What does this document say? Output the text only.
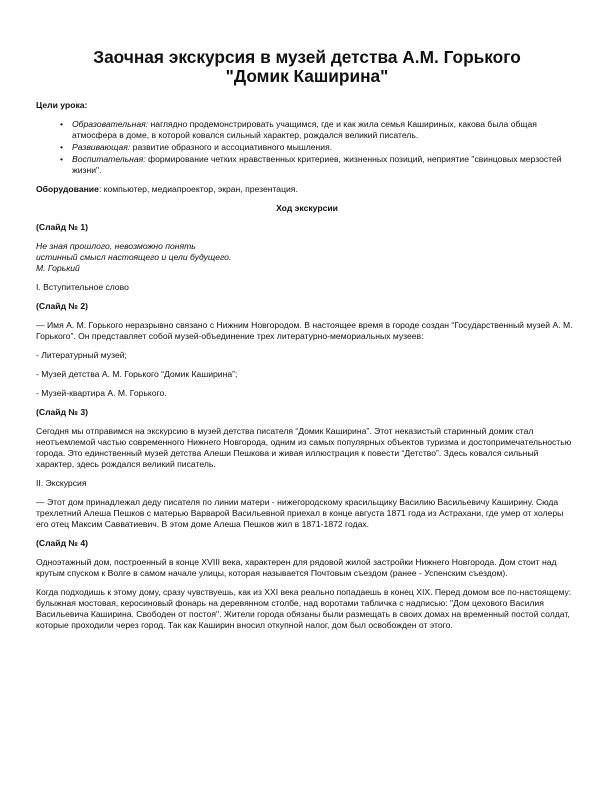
Заочная экскурсия в музей детства А.М. Горького
"Домик Каширина"
Цели урока:
• Образовательная: наглядно продемонстрировать учащимся, где и как жила семья Кашириных, какова была общая атмосфера в доме, в которой ковался сильный характер, рождался великий писатель.
• Развивающая: развитие образного и ассоциативного мышления.
• Воспитательная: формирование четких нравственных критериев, жизненных позиций, неприятие "свинцовых мерзостей жизни".
Оборудование: компьютер, медиапроектор, экран, презентация.
Ход экскурсии
(Слайд № 1)
Не зная прошлого, невозможно понять
истинный смысл настоящего и цели будущего.
М. Горький
I. Вступительное слово
(Слайд № 2)
— Имя А. М. Горького неразрывно связано с Нижним Новгородом. В настоящее время в городе создан “Государственный музей А. М. Горького”. Он представляет собой музей-объединение трех литературно-мемориальных музеев:
- Литературный музей;
- Музей детства А. М. Горького “Домик Каширина”;
- Музей-квартира А. М. Горького.
(Слайд № 3)
Сегодня мы отправимся на экскурсию в музей детства писателя “Домик Каширина”. Этот неказистый старинный домик стал неотъемлемой частью современного Нижнего Новгорода, одним из самых популярных объектов туризма и достопримечательностью города. Это единственный музей детства Алеши Пешкова и живая иллюстрация к повести “Детство”. Здесь ковался сильный характер, здесь рождался великий писатель.
II. Экскурсия
— Этот дом принадлежал деду писателя по линии матери - нижегородскому красильщику Василию Васильевичу Каширину. Сюда трехлетний Алеша Пешков с матерью Варварой Васильевной приехал в конце августа 1871 года из Астрахани, где умер от холеры его отец Максим Савватиевич. В этом доме Алеша Пешков жил в 1871-1872 годах.
(Слайд № 4)
Одноэтажный дом, построенный в конце XVIII века, характерен для рядовой жилой застройки Нижнего Новгорода. Дом стоит над крутым спуском к Волге в самом начале улицы, которая называется Почтовым съездом (ранее - Успенским съездом).
Когда подходишь к этому дому, сразу чувствуешь, как из XXI века реально попадаешь в конец XIX. Перед домом все по-настоящему: булыжная мостовая, керосиновый фонарь на деревянном столбе, над воротами табличка с надписью: "Дом цехового Василия Васильевича Каширина. Свободен от постоя". Жители города обязаны были размещать в своих домах на временный постой солдат, которые проходили через город. Так как Каширин вносил откупной налог, дом был освобожден от этого.
